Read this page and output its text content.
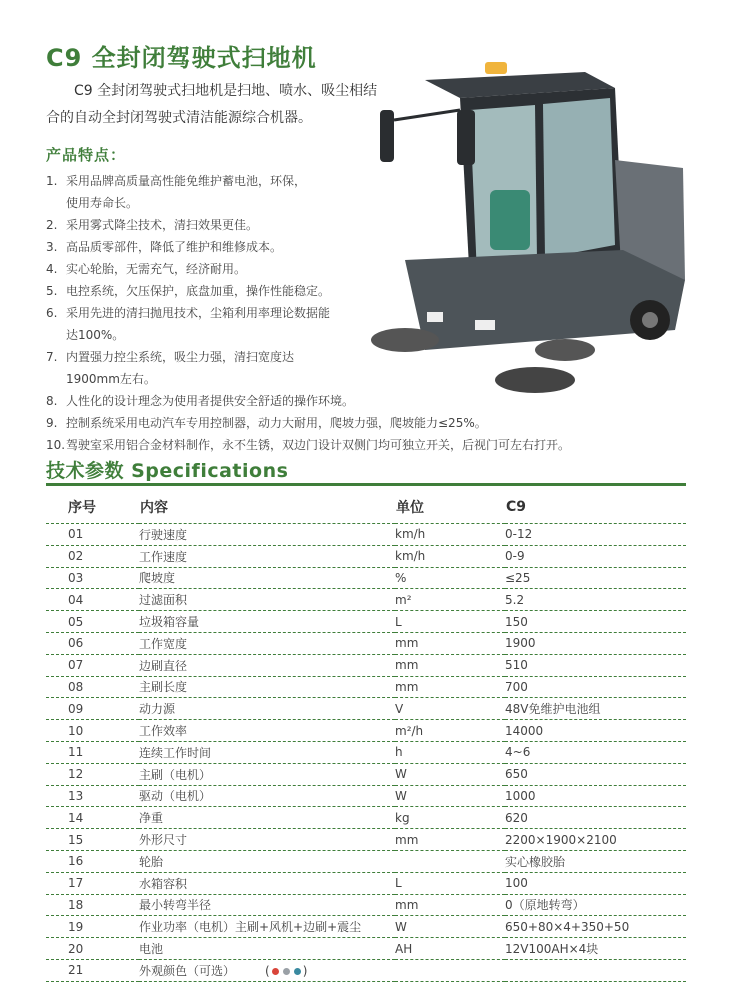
C9 全封闭驾驶式扫地机
C9 全封闭驾驶式扫地机是扫地、喷水、吸尘相结合的自动全封闭驾驶式清洁能源综合机器。
产品特点：
1. 采用品牌高质量高性能免维护蓄电池，环保，
使用寿命长。
2. 采用雾式降尘技术，清扫效果更佳。
3. 高品质零部件，降低了维护和维修成本。
4. 实心轮胎，无需充气，经济耐用。
5. 电控系统，欠压保护，底盘加重，操作性能稳定。
6. 采用先进的清扫抛甩技术，尘箱利用率理论数据能
达100%。
7. 内置强力控尘系统，吸尘力强，清扫宽度达
1900mm左右。
8. 人性化的设计理念为使用者提供安全舒适的操作环境。
9. 控制系统采用电动汽车专用控制器，动力大耐用，爬坡力强，爬坡能力≤25%。
10.驾驶室采用铝合金材料制作，永不生锈，双边门设计双侧门均可独立开关，后视门可左右打开。
技术参数 Specifications
序号	内容	单位	C9
01	行驶速度	km/h	0-12
02	工作速度	km/h	0-9
03	爬坡度	%	≤25
04	过滤面积	m²	5.2
05	垃圾箱容量	L	150
06	工作宽度	mm	1900
07	边刷直径	mm	510
08	主刷长度	mm	700
09	动力源	V	48V免维护电池组
10	工作效率	m²/h	14000
11	连续工作时间	h	4~6
12	主刷（电机）	W	650
13	驱动（电机）	W	1000
14	净重	kg	620
15	外形尺寸	mm	2200×1900×2100
16	轮胎		实心橡胶胎
17	水箱容积	L	100
18	最小转弯半径	mm	0（原地转弯）
19	作业功率（电机）主刷+风机+边刷+震尘	W	650+80×4+350+50
20	电池	AH	12V100AH×4块
21	外观颜色（可选） ( )		
